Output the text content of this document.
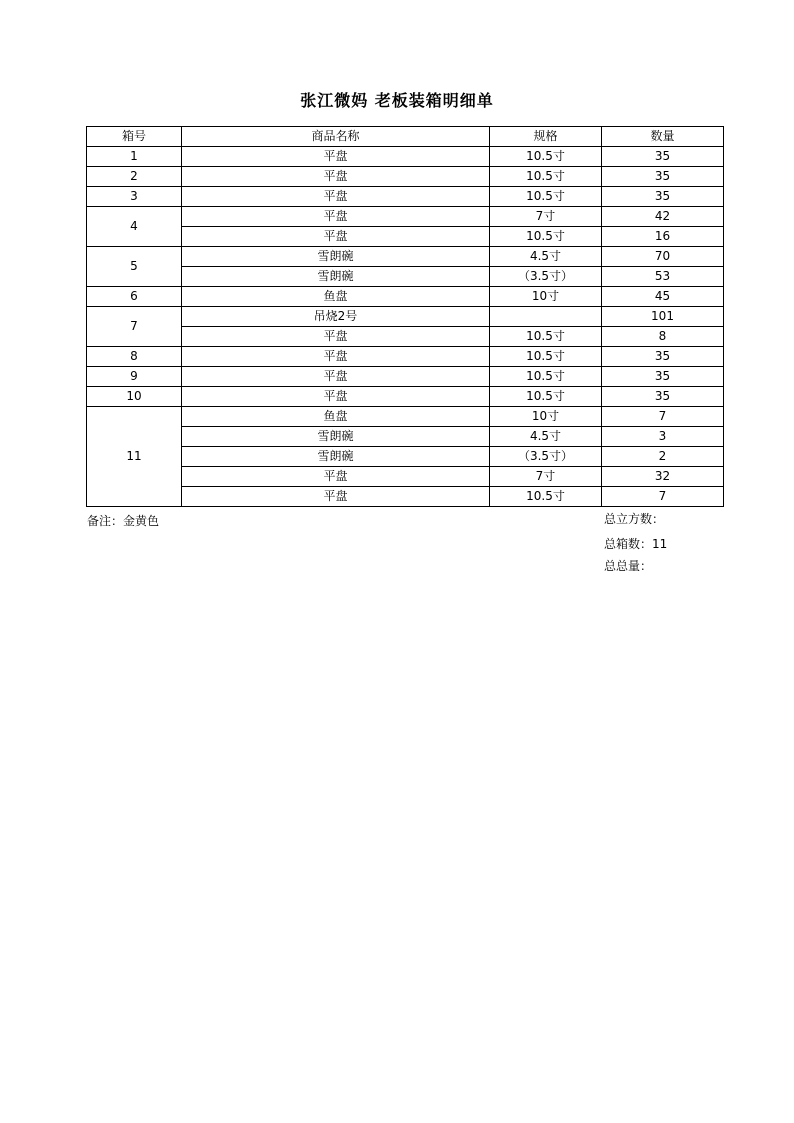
张江微妈 老板装箱明细单
箱号	商品名称	规格	数量
1	平盘	10.5寸	35
2	平盘	10.5寸	35
3	平盘	10.5寸	35
4	平盘	7寸	42
	平盘	10.5寸	16
5	雪朗碗	4.5寸	70
	雪朗碗	（3.5寸）	53
6	鱼盘	10寸	45
7	吊烧2号		101
	平盘	10.5寸	8
8	平盘	10.5寸	35
9	平盘	10.5寸	35
10	平盘	10.5寸	35
11	鱼盘	10寸	7
	雪朗碗	4.5寸	3
	雪朗碗	（3.5寸）	2
	平盘	7寸	32
	平盘	10.5寸	7
备注：金黄色	总立方数：
总箱数：11
总总量：
